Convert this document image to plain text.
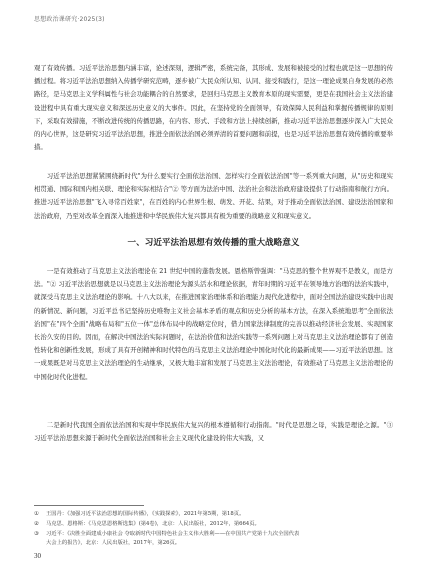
思想政治课研究·2025(3)

观了有效传播。习近平法治思想内涵丰富，论述深刻，逻辑严密，系统完备，其形成、发展和被接受的过程也就是这一思想的传播过程。将习近平法治思想纳入传播学研究范畴，逐步被广大民众所认知、认同、接受和践行，是这一理论成果自身发展的必然路径，是马克思主义学科属性与社会功能耦合的自然要求，是回归马克思主义教育本原的现实需要，更是在我国社会主义法治建设进程中具有重大现实意义和深远历史意义的大事件。因此，在坚持党的全面领导，有效保障人民利益和掌握传播规律的原则下，采取有效措施，不断改进传统的传播思路，在内容、形式、手段和方法上持续创新，推动习近平法治思想逐步深入广大民众的内心世界，这是研究习近平法治思想，推进全面依法治国必须弄清的首要问题和前提，也是习近平法治思想有效传播的重要举措。

一、习近平法治思想有效传播的重大战略意义

习近平法治思想紧紧围绕新时代"为什么要实行全面依法治国、怎样实行全面依法治国"等一系列重大问题，从"历史和现实相贯通、国际和国内相关联、理论和实际相结合"② 等方面为法治中国、法治社会和法治政府建设提供了行动指南和航行方向。推进习近平法治思想"飞入寻常百姓家"，在百姓的内心世界生根、萌发、开花、结果，对于推动全面依法治国、建设法治国家和法治政府，乃至对改革全面深入地推进和中华民族伟大复兴都具有极为重要的战略意义和现实意义。

一是有效推动了马克思主义法治理论在 21 世纪中国的蓬勃发展。恩格斯曾强调："马克思的整个世界观不是教义，而是方法。"② 习近平法治思想就是以马克思主义法治理论为源头活水和理论依据，青年时期的习近平在领导地方治理的法治实践中，就深受马克思主义法治理论的影响。十八大以来，在推进国家治理体系和治理能力现代化进程中，面对全国法治建设实践中出现的新情况、新问题，习近平总书记坚持历史唯物主义社会基本矛盾的观点和历史分析的基本方法，在深入系统地思考"全面依法治国"在"四个全面"战略布局和"五位一体"总体布局中的战略定位时，借力国家法律制度的完善以推动经济社会发展、实现国家长治久安的目的。因而，在解决中国法治实际问题时，在法治价值和法治实践等一系列问题上对马克思主义法治理论都有了创造性转化和创新性发展，形成了具有开创精神和时代特色的马克思主义法治理论中国化时代化的最新成果——习近平法治思想。这一成果既是对马克思主义法治理论的生动继承，又极大地丰富和发展了马克思主义法治理论，有效推动了马克思主义法治理论的中国化时代化进程。

二是新时代我国全面依法治国和实现中华民族伟大复兴的根本遵循和行动指南。"时代是思想之母，实践是理论之源。"③ 习近平法治思想来源于新时代全面依法治国和社会主义现代化建设的伟大实践，又

①	王国丹：《加强习近平法治思想的国际传播》，《实践探索》，2021年第5期，第18页。
②	马克思、恩格斯：《马克思恩格斯选集》(第4卷)，北京：人民出版社，2012年，第664页。
③	习近平：《决胜全面建成小康社会 夺取新时代中国特色社会主义伟大胜利——在中国共产党第十九次全国代表
大会上的报告》，北京：人民出版社，2017年，第26页。
30
